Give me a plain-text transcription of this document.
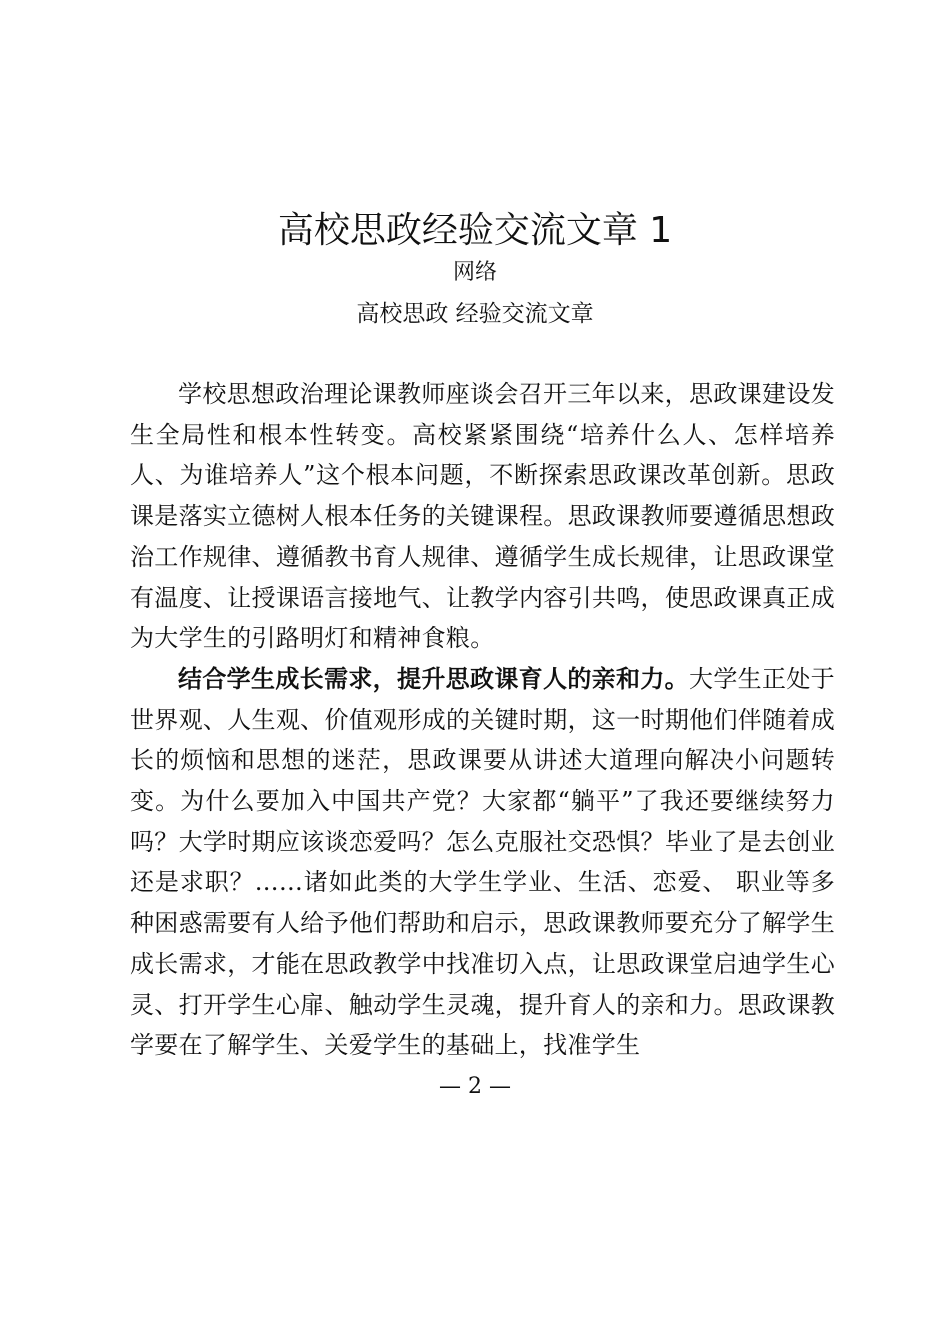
高校思政经验交流文章 1
网络
高校思政 经验交流文章

学校思想政治理论课教师座谈会召开三年以来，思政课建设发生全局性和根本性转变。高校紧紧围绕“培养什么人、怎样培养人、为谁培养人”这个根本问题，不断探索思政课改革创新。思政课是落实立德树人根本任务的关键课程。思政课教师要遵循思想政治工作规律、遵循教书育人规律、遵循学生成长规律，让思政课堂有温度、让授课语言接地气、让教学内容引共鸣，使思政课真正成为大学生的引路明灯和精神食粮。

结合学生成长需求，提升思政课育人的亲和力。大学生正处于世界观、人生观、价值观形成的关键时期，这一时期他们伴随着成长的烦恼和思想的迷茫，思政课要从讲述大道理向解决小问题转变。为什么要加入中国共产党？大家都“躺平”了我还要继续努力吗？大学时期应该谈恋爱吗？怎么克服社交恐惧？毕业了是去创业还是求职？……诸如此类的大学生学业、生活、恋爱、 职业等多种困惑需要有人给予他们帮助和启示，思政课教师要充分了解学生成长需求，才能在思政教学中找准切入点，让思政课堂启迪学生心灵、打开学生心扉、触动学生灵魂，提升育人的亲和力。思政课教学要在了解学生、关爱学生的基础上，找准学生

— 2 —
